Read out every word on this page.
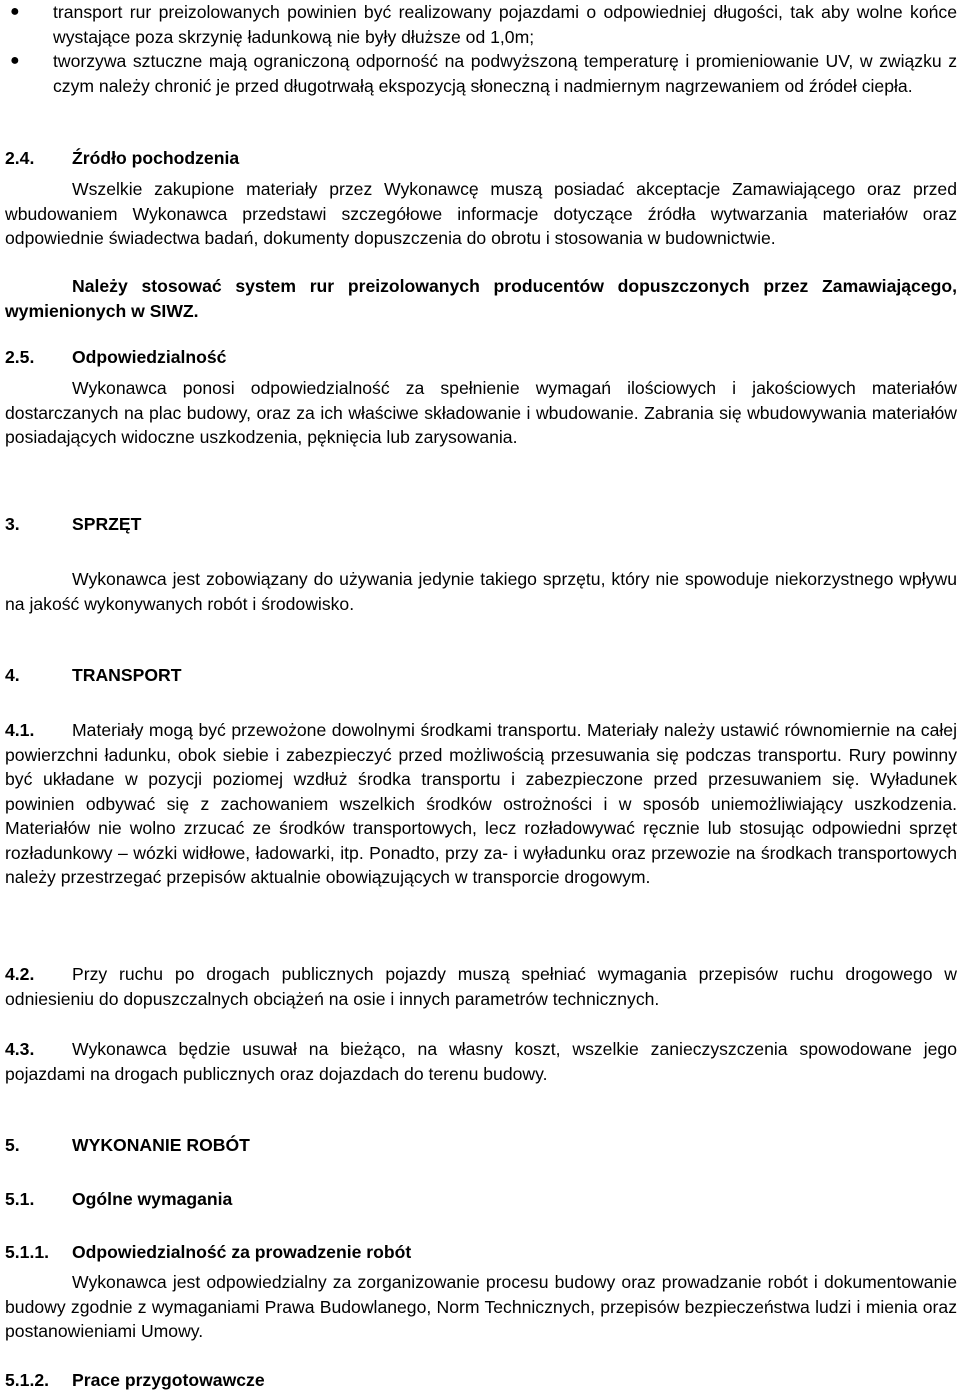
● transport rur preizolowanych powinien być realizowany pojazdami o odpowiedniej długości, tak aby wolne końce wystające poza skrzynię ładunkową nie były dłuższe od 1,0m;
● tworzywa sztuczne mają ograniczoną odporność na podwyższoną temperaturę i promieniowanie UV, w związku z czym należy chronić je przed długotrwałą ekspozycją słoneczną i nadmiernym nagrzewaniem od źródeł ciepła.
2.4. Źródło pochodzenia

Wszelkie zakupione materiały przez Wykonawcę muszą posiadać akceptacje Zamawiającego oraz przed wbudowaniem Wykonawca przedstawi szczegółowe informacje dotyczące źródła wytwarzania materiałów oraz odpowiednie świadectwa badań, dokumenty dopuszczenia do obrotu i stosowania w budownictwie.

Należy stosować system rur preizolowanych producentów dopuszczonych przez Zamawiającego, wymienionych w SIWZ.

2.5. Odpowiedzialność

Wykonawca ponosi odpowiedzialność za spełnienie wymagań ilościowych i jakościowych materiałów dostarczanych na plac budowy, oraz za ich właściwe składowanie i wbudowanie. Zabrania się wbudowywania materiałów posiadających widoczne uszkodzenia, pęknięcia lub zarysowania.

3.	SPRZĘT

Wykonawca jest zobowiązany do używania jedynie takiego sprzętu, który nie spowoduje niekorzystnego wpływu na jakość wykonywanych robót i środowisko.

4.	TRANSPORT

4.1. Materiały mogą być przewożone dowolnymi środkami transportu. Materiały należy ustawić równomiernie na całej powierzchni ładunku, obok siebie i zabezpieczyć przed możliwością przesuwania się podczas transportu. Rury powinny być układane w pozycji poziomej wzdłuż środka transportu i zabezpieczone przed przesuwaniem się. Wyładunek powinien odbywać się z zachowaniem wszelkich środków ostrożności i w sposób uniemożliwiający uszkodzenia. Materiałów nie wolno zrzucać ze środków transportowych, lecz rozładowywać ręcznie lub stosując odpowiedni sprzęt rozładunkowy – wózki widłowe, ładowarki, itp. Ponadto, przy za- i wyładunku oraz przewozie na środkach transportowych należy przestrzegać przepisów aktualnie obowiązujących w transporcie drogowym.

4.2. Przy ruchu po drogach publicznych pojazdy muszą spełniać wymagania przepisów ruchu drogowego w odniesieniu do dopuszczalnych obciążeń na osie i innych parametrów technicznych.

4.3. Wykonawca będzie usuwał na bieżąco, na własny koszt, wszelkie zanieczyszczenia spowodowane jego pojazdami na drogach publicznych oraz dojazdach do terenu budowy.

5.	WYKONANIE ROBÓT
5.1. Ogólne wymagania
5.1.1. Odpowiedzialność za prowadzenie robót

Wykonawca jest odpowiedzialny za zorganizowanie procesu budowy oraz prowadzanie robót i dokumentowanie budowy zgodnie z wymaganiami Prawa Budowlanego, Norm Technicznych, przepisów bezpieczeństwa ludzi i mienia oraz postanowieniami Umowy.

5.1.2. Prace przygotowawcze
